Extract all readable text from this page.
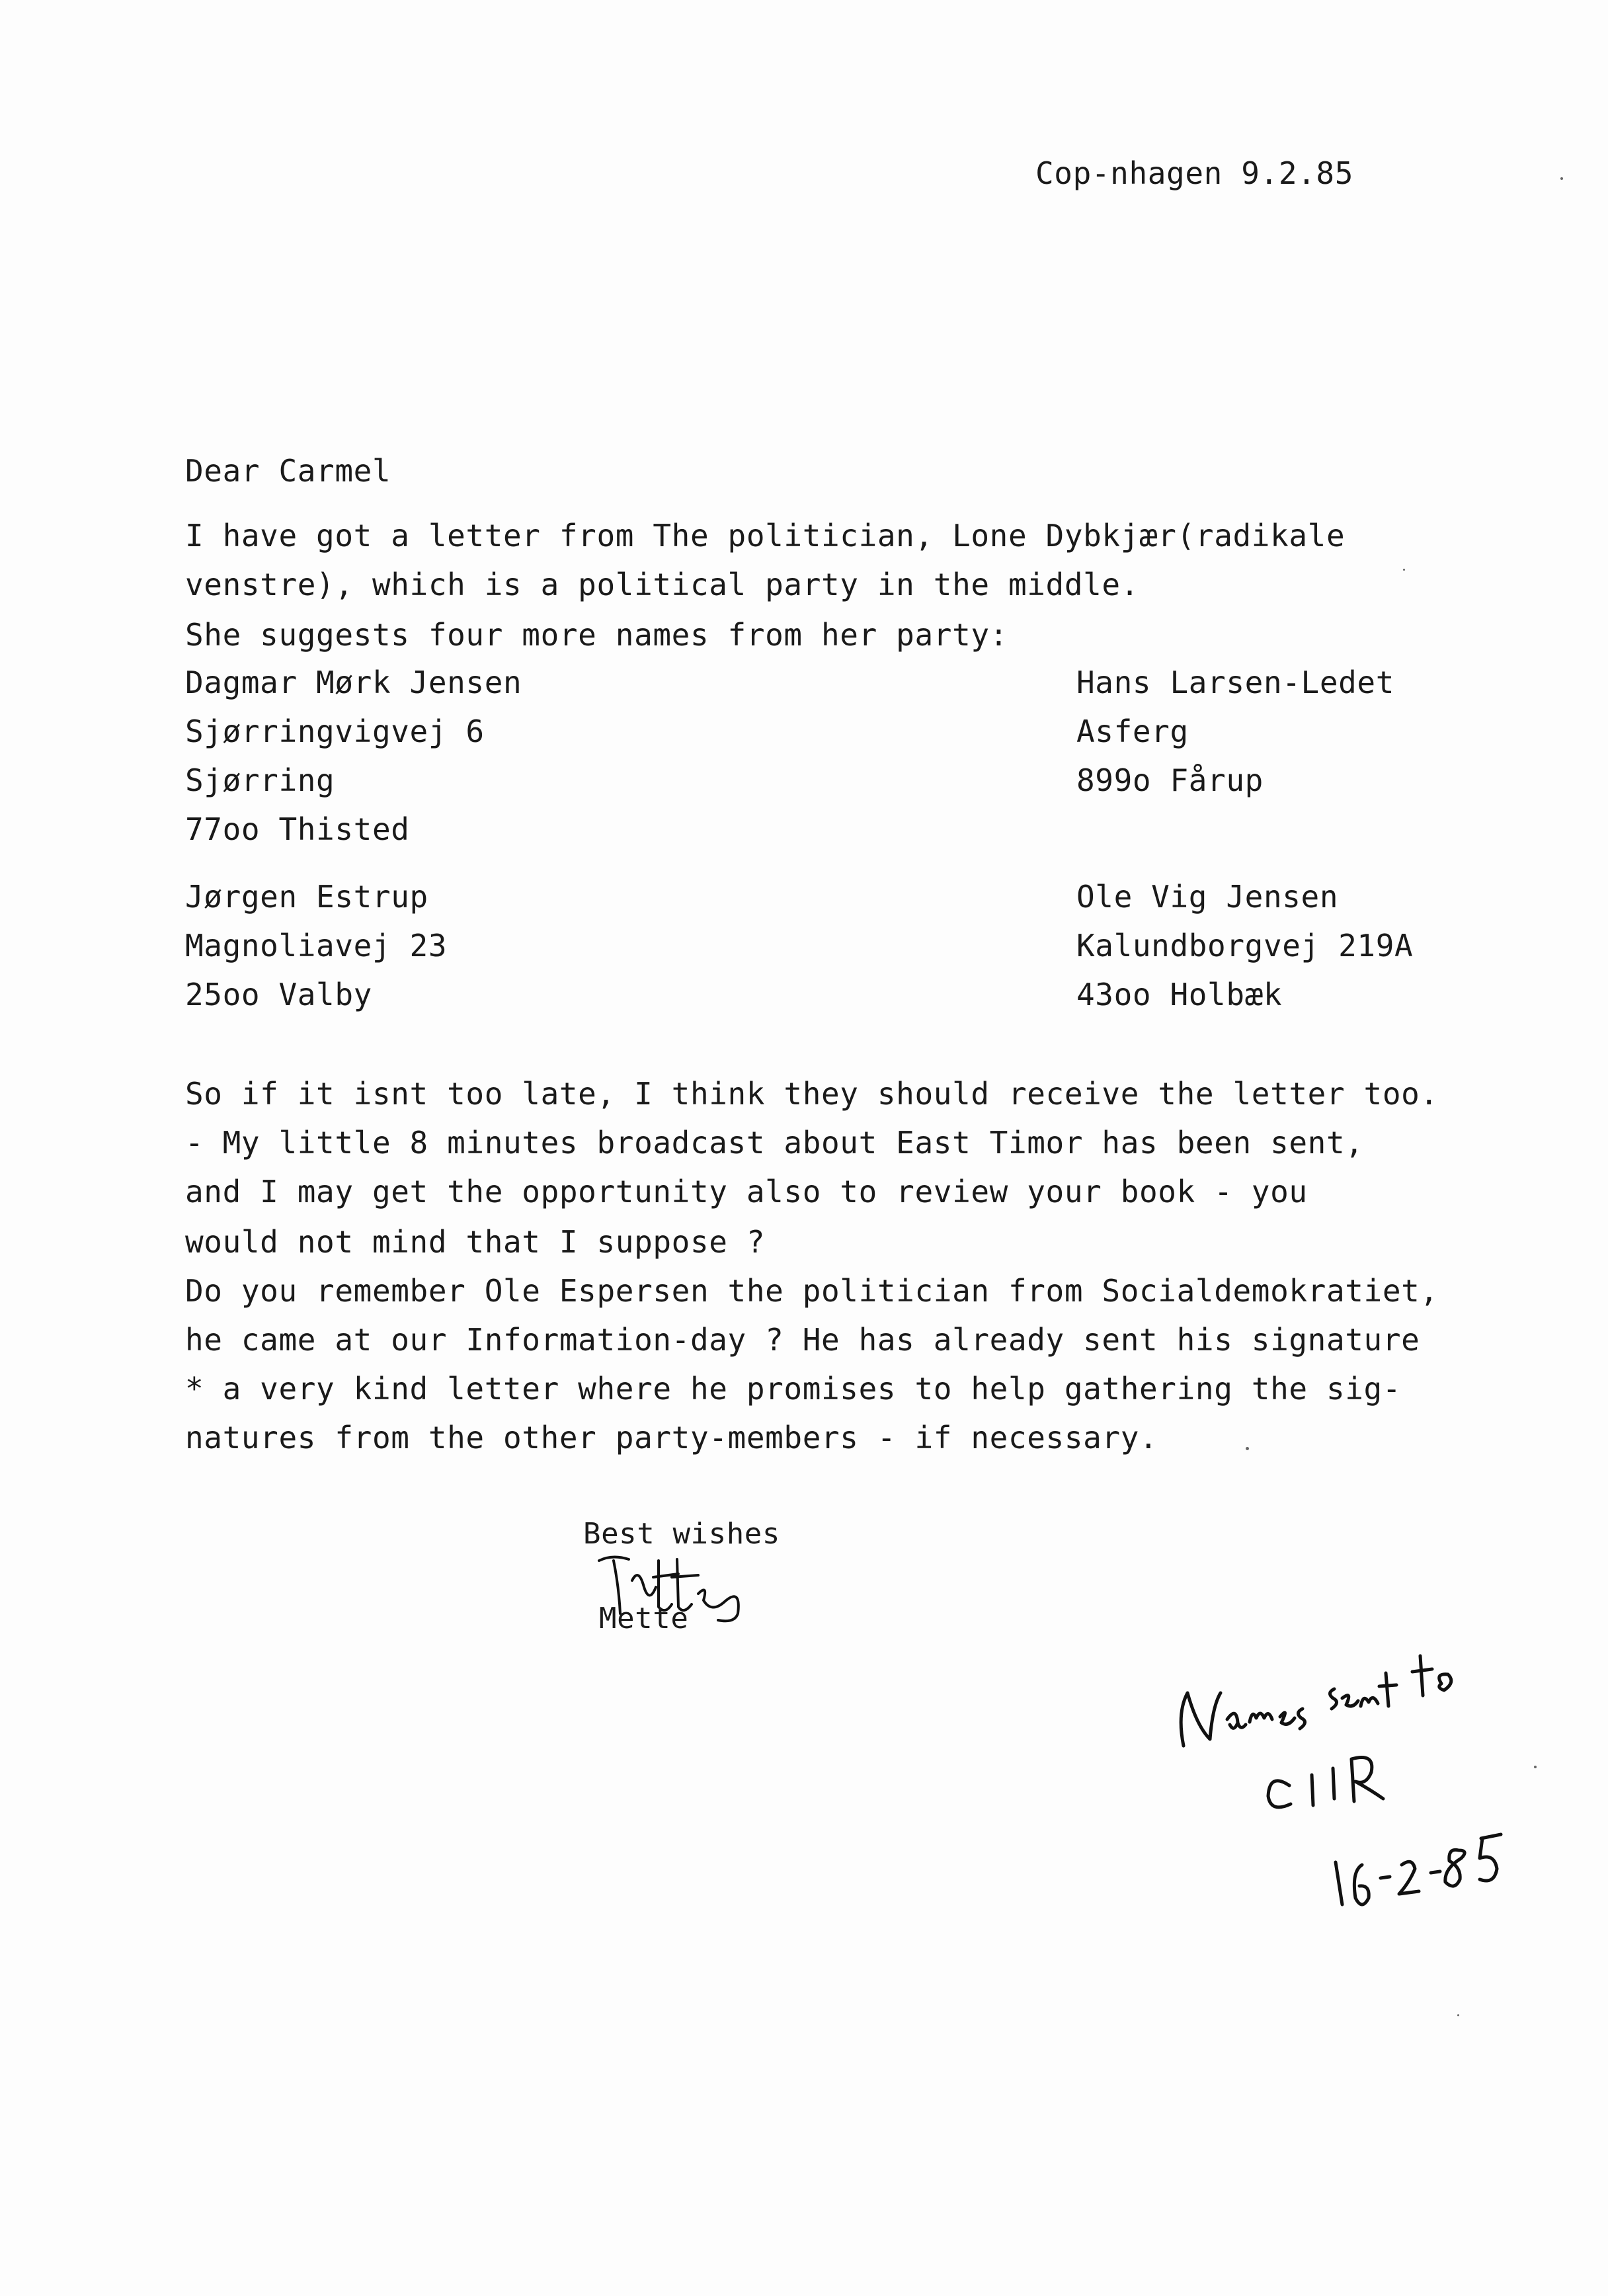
Cop-nhagen 9.2.85
Dear Carmel
I have got a letter from The politician, Lone Dybkjær(radikale
venstre), which is a political party in the middle.
She suggests four more names from her party:
Dagmar Mørk Jensen
Sjørringvigvej 6
Sjørring
77oo Thisted
Hans Larsen-Ledet
Asferg
899o Fårup
Jørgen Estrup
Magnoliavej 23
25oo Valby
Ole Vig Jensen
Kalundborgvej 219A
43oo Holbæk
So if it isnt too late, I think they should receive the letter too.
- My little 8 minutes broadcast about East Timor has been sent,
and I may get the opportunity also to review your book - you
would not mind that I suppose ?
Do you remember Ole Espersen the politician from Socialdemokratiet,
he came at our Information-day ? He has already sent his signature
* a very kind letter where he promises to help gathering the sig-
natures from the other party-members - if necessary.
Best wishes
Mette
